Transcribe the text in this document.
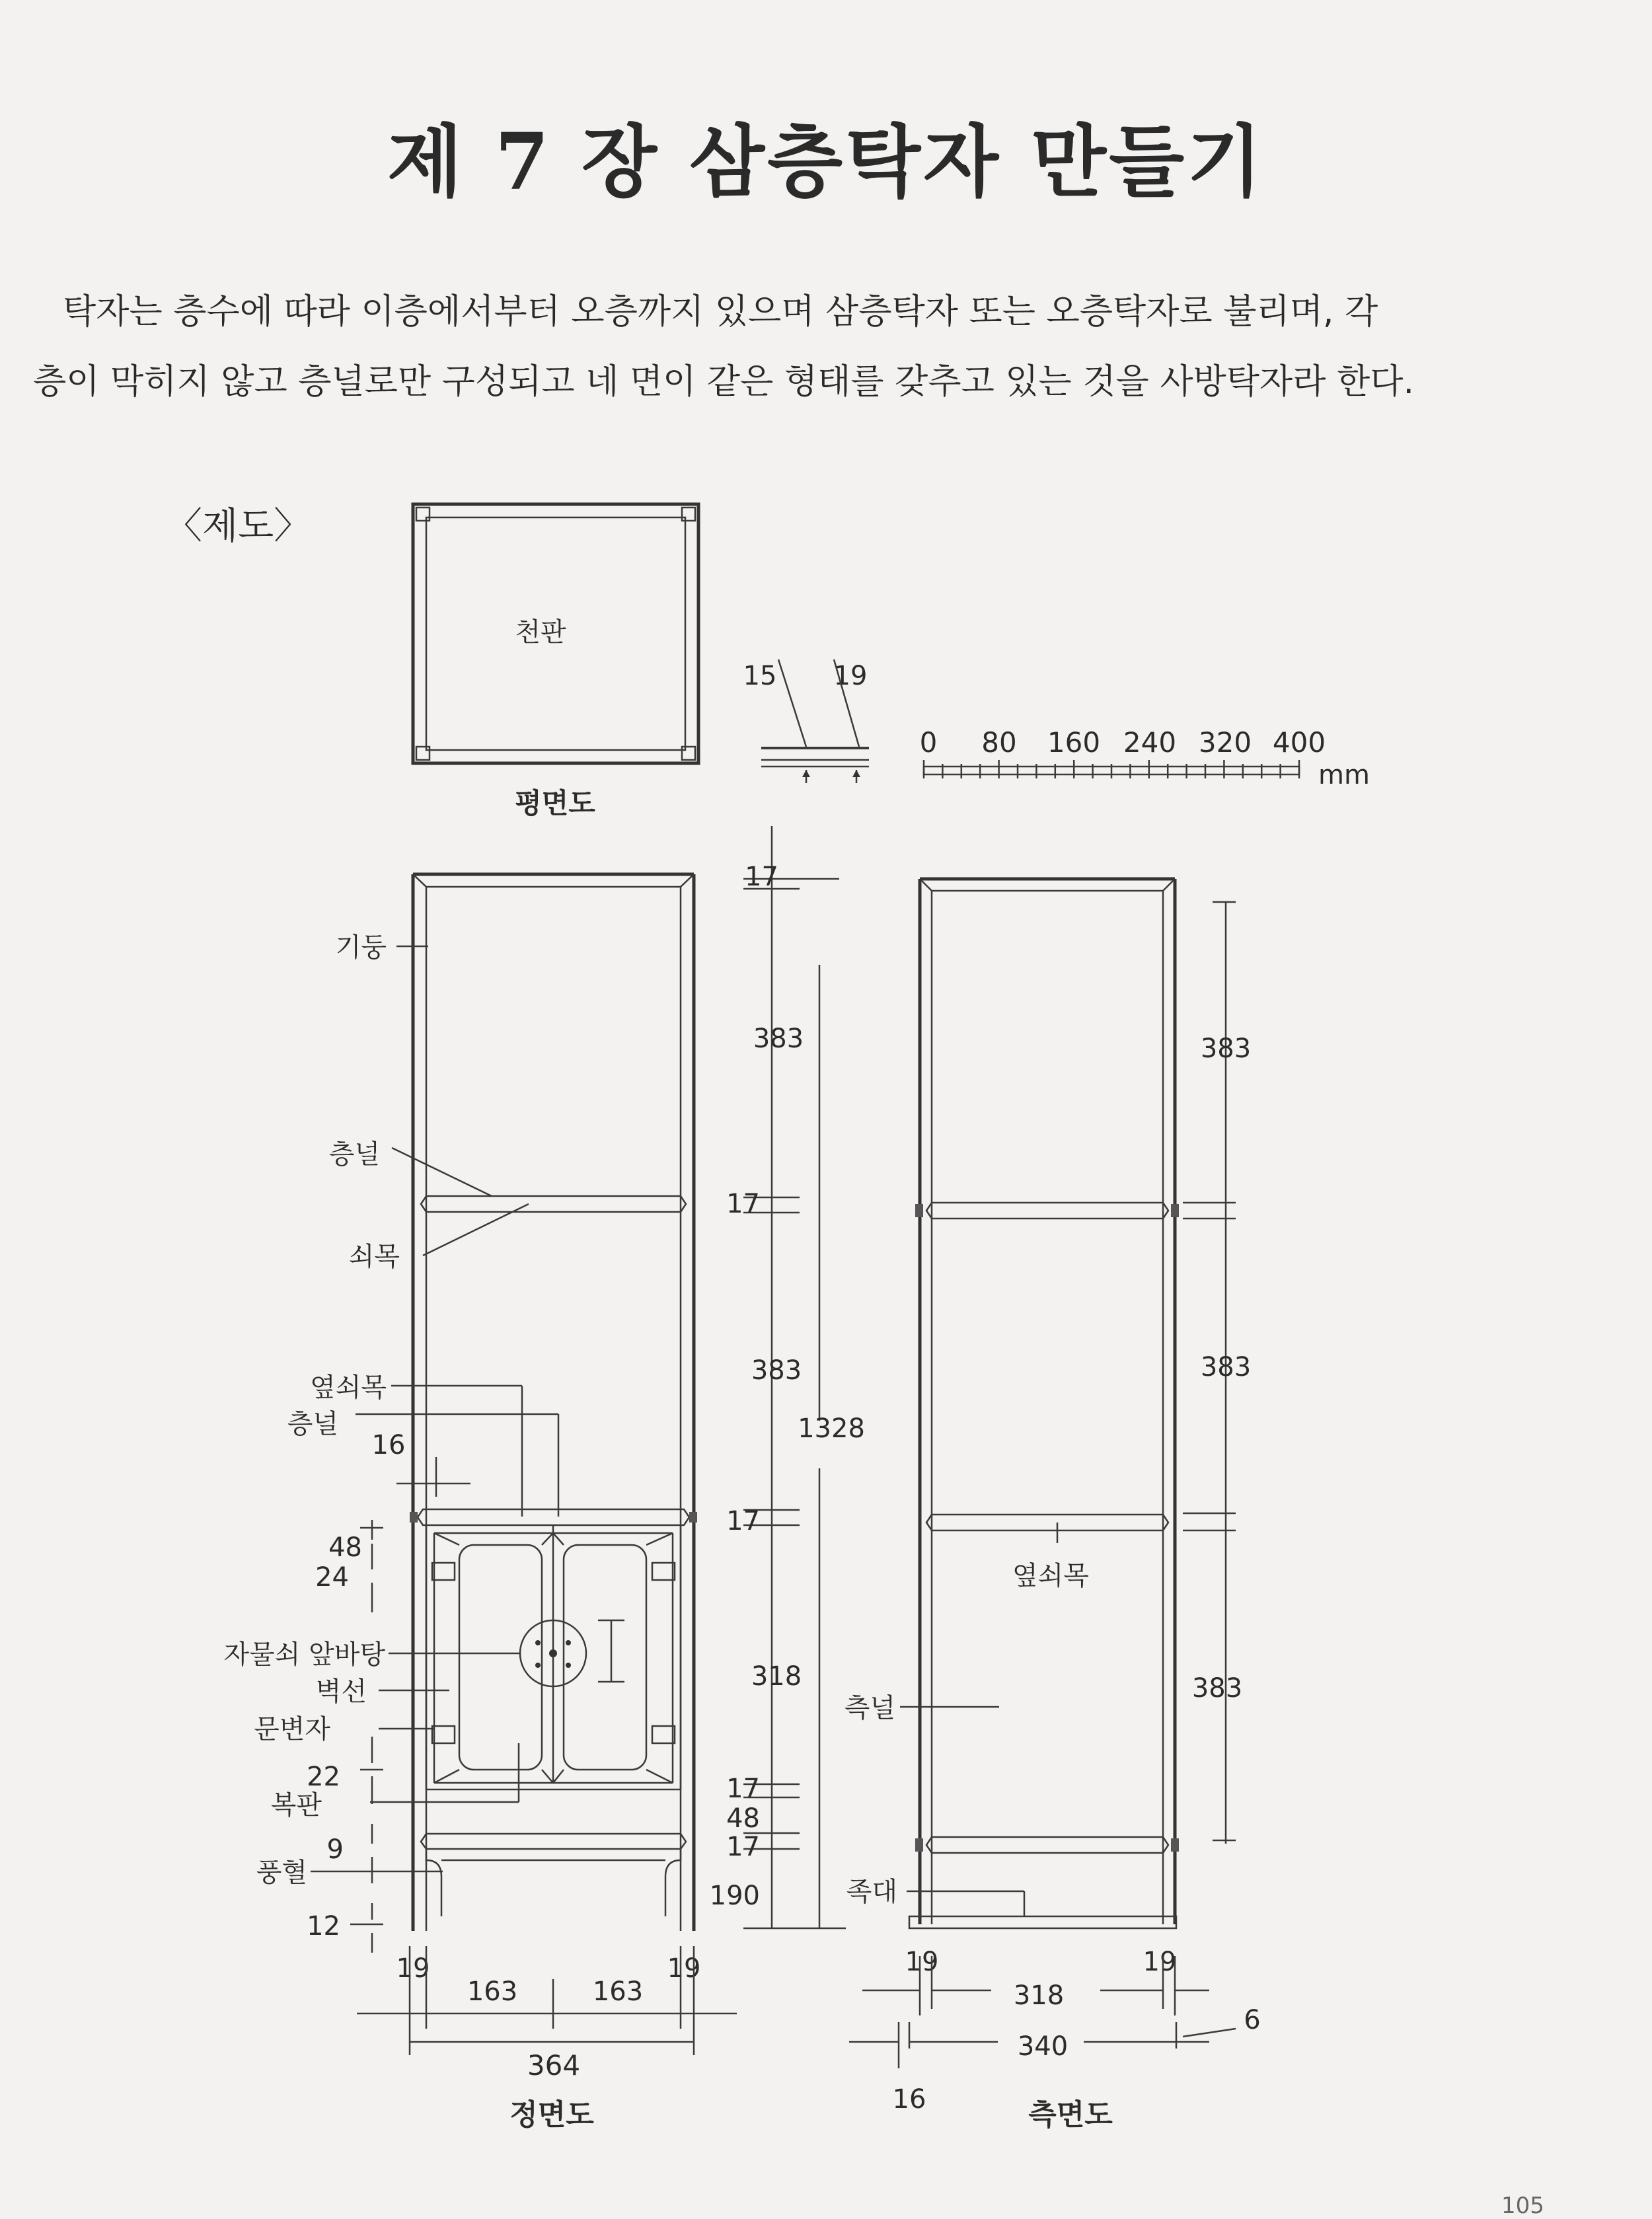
제 7 장 삼층탁자 만들기
탁자는 층수에 따라 이층에서부터 오층까지 있으며 삼층탁자 또는 오층탁자로 불리며, 각
층이 막히지 않고 층널로만 구성되고 네 면이 같은 형태를 갖추고 있는 것을 사방탁자라 한다.
〈제도〉
천판
평면도
15 19
0 80 160 240 320 400
mm
기둥
층널
쇠목
옆쇠목
층널
자물쇠 앞바탕
벽선
문변자
복판
풍혈
16
48
24
22
9
12
19	19
163	163
364
정면도
17
383
17
383
17
318
17
48
17
190
1328
383
383
383
옆쇠목
측널
족대
19	19
318
340
6
16	측면도
105
